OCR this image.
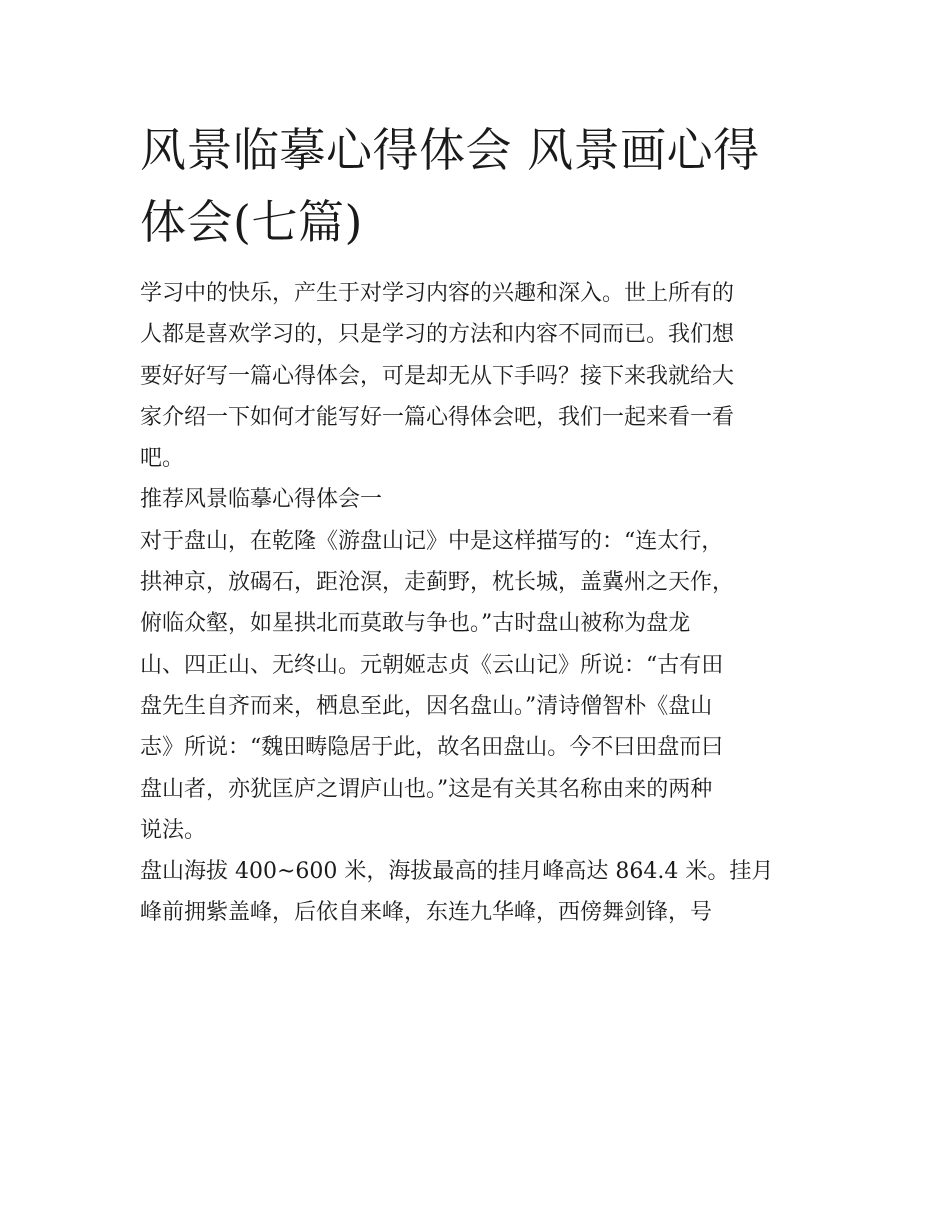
风景临摹心得体会 风景画心得
体会(七篇)

学习中的快乐，产生于对学习内容的兴趣和深入。世上所有的
人都是喜欢学习的，只是学习的方法和内容不同而已。我们想
要好好写一篇心得体会，可是却无从下手吗？接下来我就给大
家介绍一下如何才能写好一篇心得体会吧，我们一起来看一看
吧。

推荐风景临摹心得体会一

对于盘山，在乾隆《游盘山记》中是这样描写的：“连太行，
拱神京，放碣石，距沧溟，走蓟野，枕长城，盖冀州之天作，
俯临众壑，如星拱北而莫敢与争也。”古时盘山被称为盘龙
山、四正山、无终山。元朝姬志贞《云山记》所说：“古有田
盘先生自齐而来，栖息至此，因名盘山。”清诗僧智朴《盘山
志》所说：“魏田畴隐居于此，故名田盘山。今不曰田盘而曰
盘山者，亦犹匡庐之谓庐山也。”这是有关其名称由来的两种
说法。

盘山海拔 400~600 米，海拔最高的挂月峰高达 864.4 米。挂月
峰前拥紫盖峰，后依自来峰，东连九华峰，西傍舞剑锋，号
